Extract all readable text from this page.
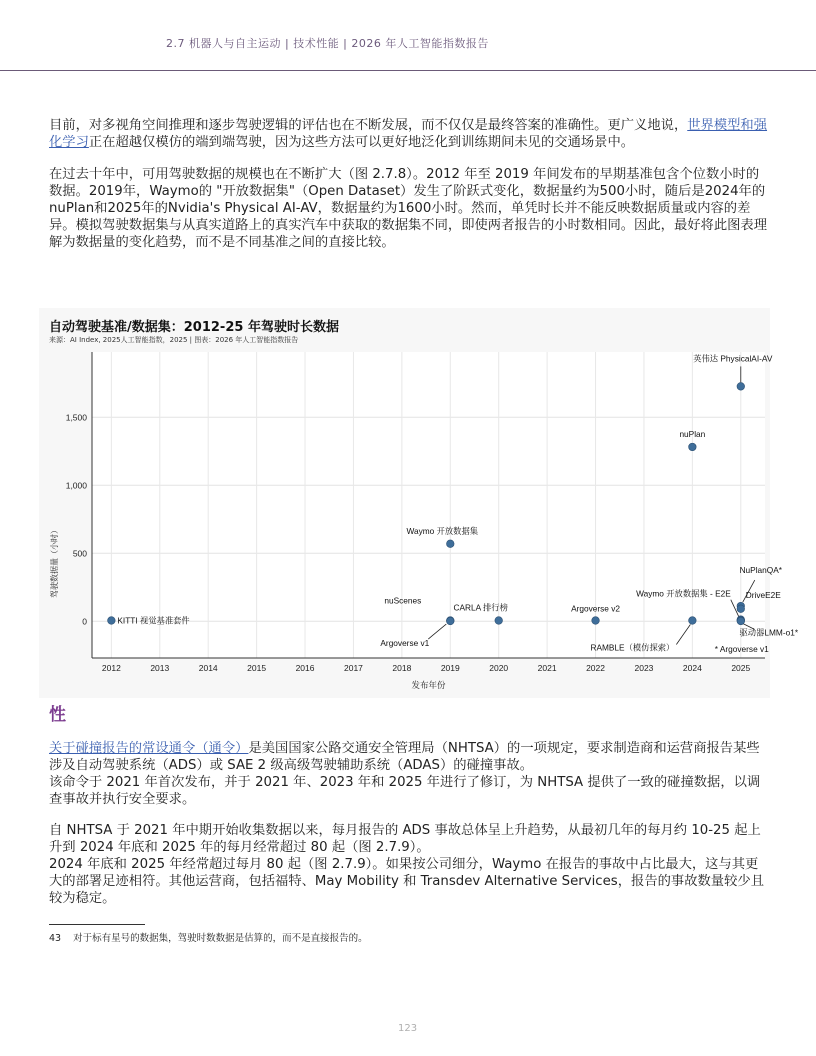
2.7 机器人与自主运动 | 技术性能 | 2026 年人工智能指数报告

目前，对多视角空间推理和逐步驾驶逻辑的评估也在不断发展，而不仅仅是最终答案的准确性。更广义地说，世界模型和强化学习正在超越仅模仿的端到端驾驶，因为这些方法可以更好地泛化到训练期间未见的交通场景中。

在过去十年中，可用驾驶数据的规模也在不断扩大（图 2.7.8）。2012 年至 2019 年间发布的早期基准包含个位数小时的数据。2019年，Waymo的 "开放数据集"（Open Dataset）发生了阶跃式变化，数据量约为500小时，随后是2024年的nuPlan和2025年的Nvidia's Physical AI-AV，数据量约为1600小时。然而，单凭时长并不能反映数据质量或内容的差异。模拟驾驶数据集与从真实道路上的真实汽车中获取的数据集不同，即使两者报告的小时数相同。因此，最好将此图表理解为数据量的变化趋势，而不是不同基准之间的直接比较。

自动驾驶基准/数据集：2012-25 年驾驶时长数据
来源：AI Index, 2025人工智能指数，2025 | 图表：2026 年人工智能指数报告
0
500
1,000
1,500
2012	2013	2014	2015	2016	2017	2018	2019	2020	2021	2022	2023	2024	2025
发布年份
驾驶数据量（小时）
KITTI 视觉基准套件
nuScenes
Argoverse v1
Waymo 开放数据集
CARLA 排行榜	Argoverse v2
nuPlan
RAMBLE（模仿探索）
英伟达 PhysicalAI-AV
NuPlanQA*
DriveE2E
Waymo 开放数据集 - E2E
驱动器LMM-o1*
* Argoverse v1
性

关于碰撞报告的常设通令（通令）是美国国家公路交通安全管理局（NHTSA）的一项规定，要求制造商和运营商报告某些涉及自动驾驶系统（ADS）或 SAE 2 级高级驾驶辅助系统（ADAS）的碰撞事故。

该命令于 2021 年首次发布，并于 2021 年、2023 年和 2025 年进行了修订，为 NHTSA 提供了一致的碰撞数据，以调查事故并执行安全要求。

自 NHTSA 于 2021 年中期开始收集数据以来，每月报告的 ADS 事故总体呈上升趋势，从最初几年的每月约 10-25 起上升到 2024 年底和 2025 年的每月经常超过 80 起（图 2.7.9）。

2024 年底和 2025 年经常超过每月 80 起（图 2.7.9）。如果按公司细分，Waymo 在报告的事故中占比最大，这与其更大的部署足迹相符。其他运营商，包括福特、May Mobility 和 Transdev Alternative Services，报告的事故数量较少且较为稳定。

43 对于标有星号的数据集，驾驶时数数据是估算的，而不是直接报告的。
123
